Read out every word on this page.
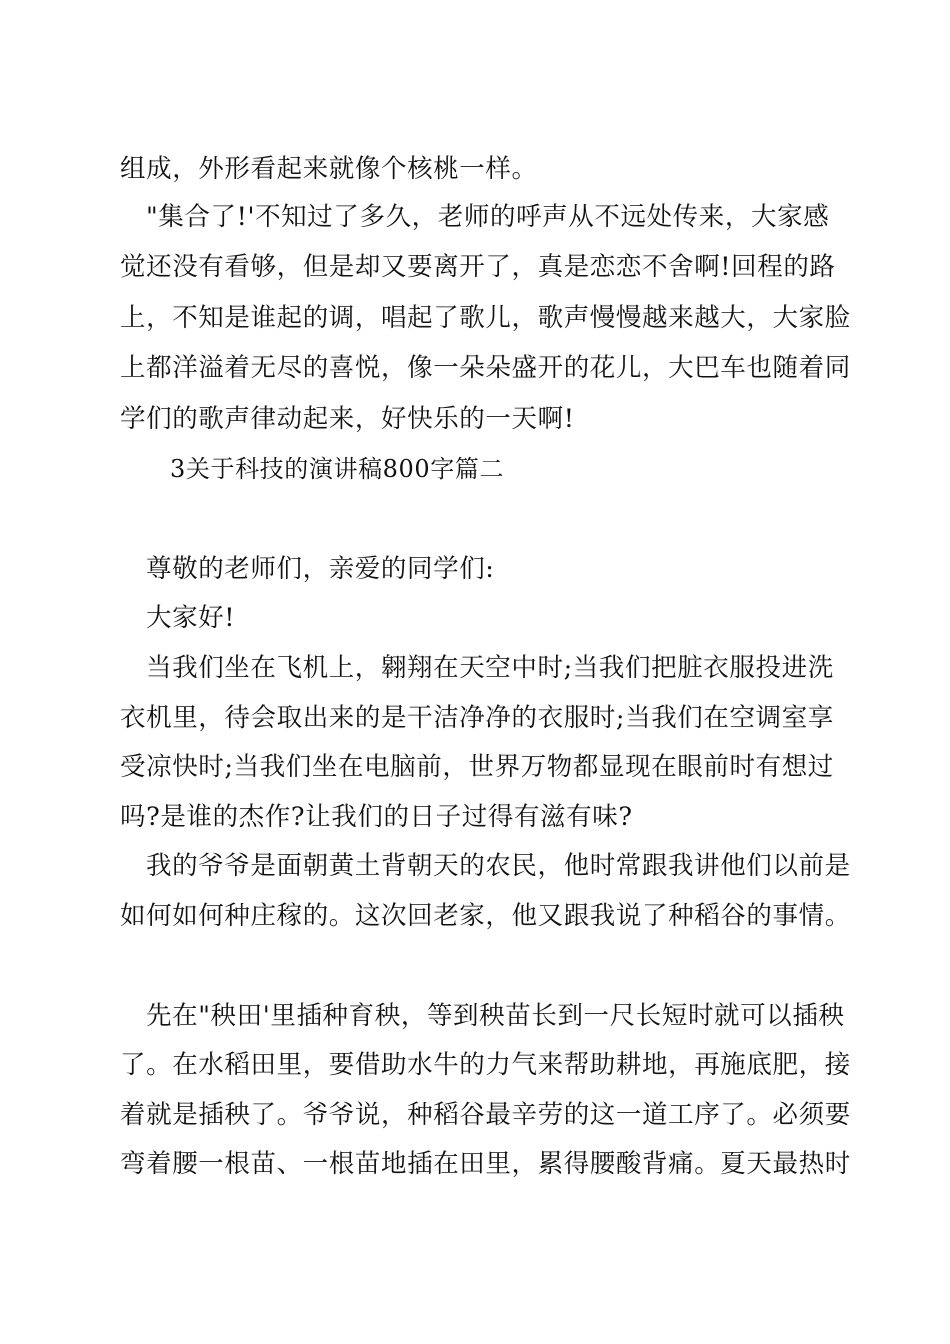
组成，外形看起来就像个核桃一样。
"集合了!'不知过了多久，老师的呼声从不远处传来，大家感
觉还没有看够，但是却又要离开了，真是恋恋不舍啊!回程的路
上，不知是谁起的调，唱起了歌儿，歌声慢慢越来越大，大家脸
上都洋溢着无尽的喜悦，像一朵朵盛开的花儿，大巴车也随着同
学们的歌声律动起来，好快乐的一天啊!
3关于科技的演讲稿800字篇二
尊敬的老师们，亲爱的同学们:
大家好!
当我们坐在飞机上，翱翔在天空中时;当我们把脏衣服投进洗
衣机里，待会取出来的是干洁净净的衣服时;当我们在空调室享
受凉快时;当我们坐在电脑前，世界万物都显现在眼前时有想过
吗?是谁的杰作?让我们的日子过得有滋有味?
我的爷爷是面朝黄土背朝天的农民，他时常跟我讲他们以前是
如何如何种庄稼的。这次回老家，他又跟我说了种稻谷的事情。
先在"秧田'里插种育秧，等到秧苗长到一尺长短时就可以插秧
了。在水稻田里，要借助水牛的力气来帮助耕地，再施底肥，接
着就是插秧了。爷爷说，种稻谷最辛劳的这一道工序了。必须要
弯着腰一根苗、一根苗地插在田里，累得腰酸背痛。夏天最热时
